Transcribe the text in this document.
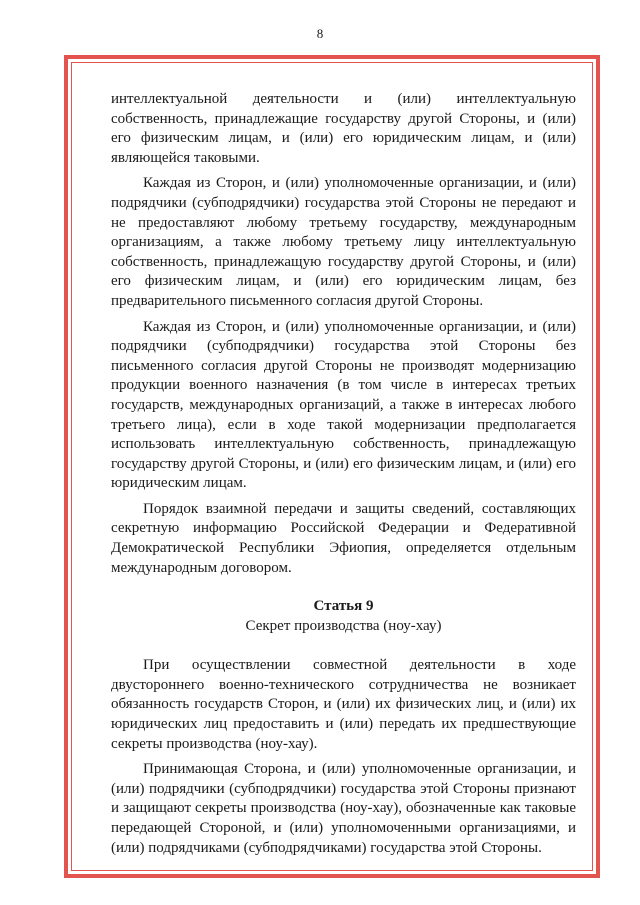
8

интеллектуальной деятельности и (или) интеллектуальную собственность, принадлежащие государству другой Стороны, и (или) его физическим лицам, и (или) его юридическим лицам, и (или) являющейся таковыми.

Каждая из Сторон, и (или) уполномоченные организации, и (или) подрядчики (субподрядчики) государства этой Стороны не передают и не предоставляют любому третьему государству, международным организациям, а также любому третьему лицу интеллектуальную собственность, принадлежащую государству другой Стороны, и (или) его физическим лицам, и (или) его юридическим лицам, без предварительного письменного согласия другой Стороны.

Каждая из Сторон, и (или) уполномоченные организации, и (или) подрядчики (субподрядчики) государства этой Стороны без письменного согласия другой Стороны не производят модернизацию продукции военного назначения (в том числе в интересах третьих государств, международных организаций, а также в интересах любого третьего лица), если в ходе такой модернизации предполагается использовать интеллектуальную собственность, принадлежащую государству другой Стороны, и (или) его физическим лицам, и (или) его юридическим лицам.

Порядок взаимной передачи и защиты сведений, составляющих секретную информацию Российской Федерации и Федеративной Демократической Республики Эфиопия, определяется отдельным международным договором.

Статья 9
Секрет производства (ноу-хау)

При осуществлении совместной деятельности в ходе двустороннего военно-технического сотрудничества не возникает обязанность государств Сторон, и (или) их физических лиц, и (или) их юридических лиц предоставить и (или) передать их предшествующие секреты производства (ноу-хау).

Принимающая Сторона, и (или) уполномоченные организации, и (или) подрядчики (субподрядчики) государства этой Стороны признают и защищают секреты производства (ноу-хау), обозначенные как таковые передающей Стороной, и (или) уполномоченными организациями, и (или) подрядчиками (субподрядчиками) государства этой Стороны.
